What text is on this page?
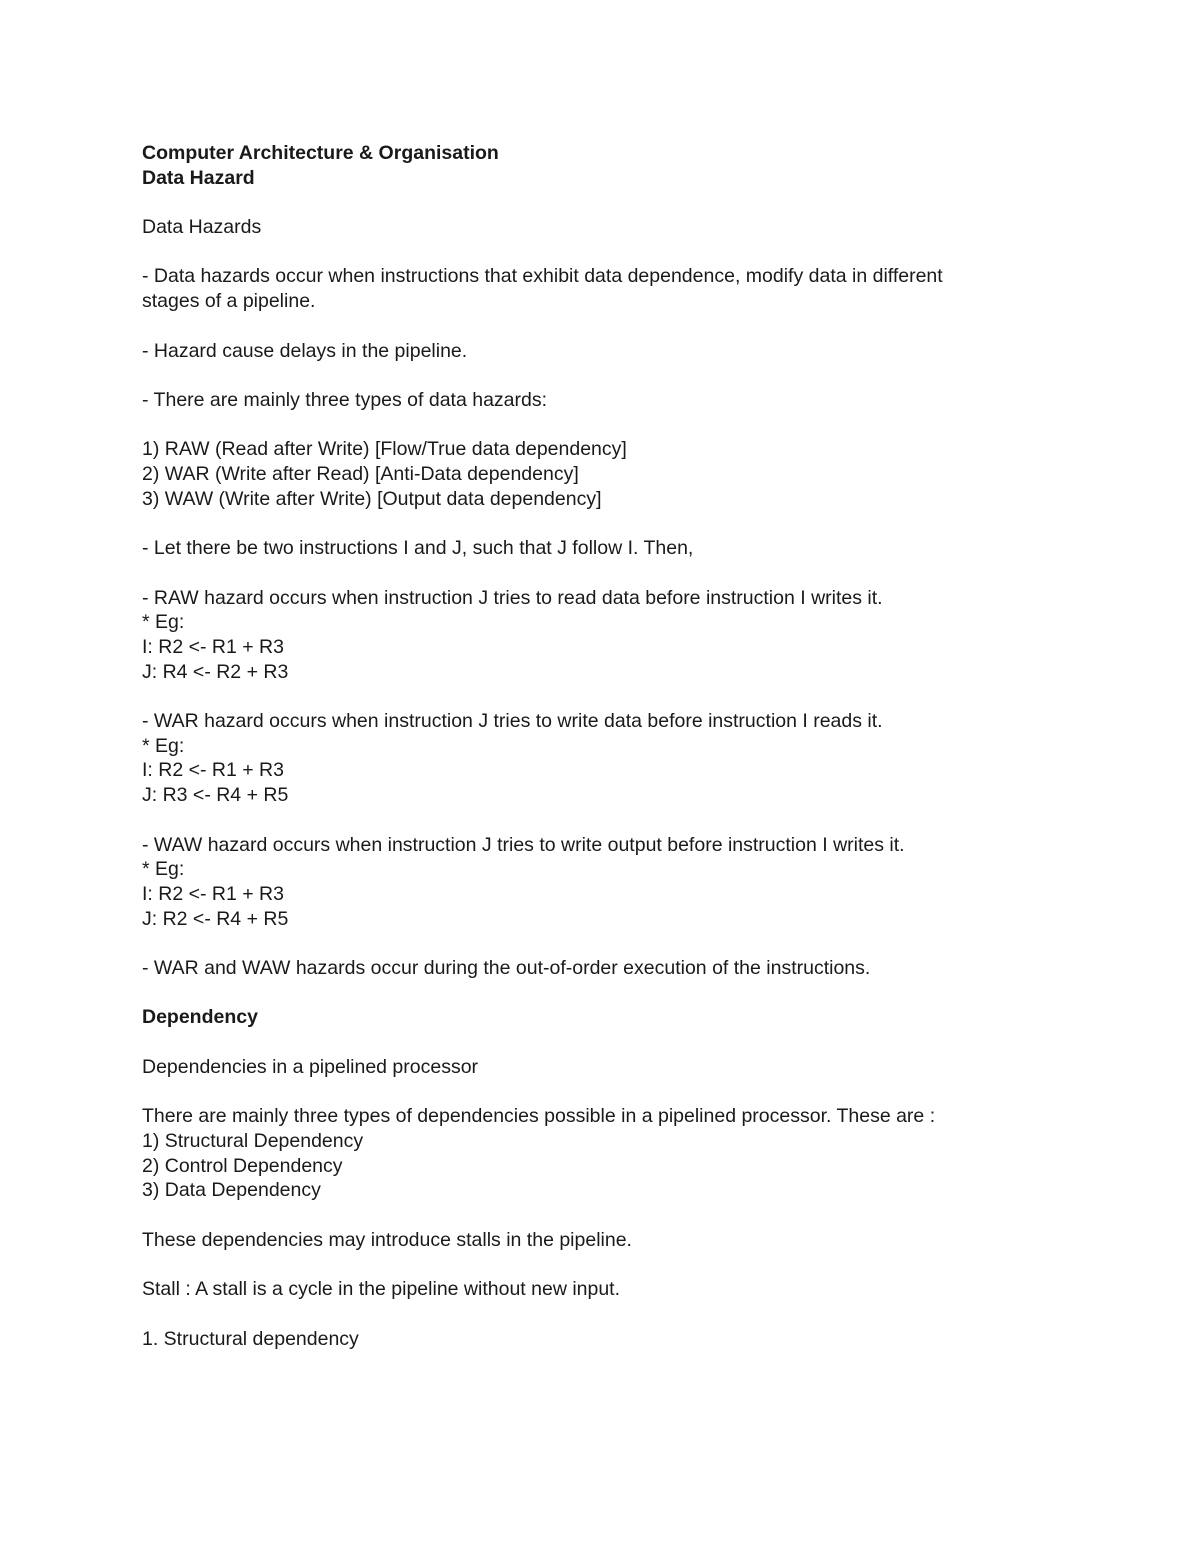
Computer Architecture & Organisation
Data Hazard
Data Hazards
- Data hazards occur when instructions that exhibit data dependence, modify data in different
stages of a pipeline.
- Hazard cause delays in the pipeline.
- There are mainly three types of data hazards:
1) RAW (Read after Write) [Flow/True data dependency]
2) WAR (Write after Read) [Anti-Data dependency]
3) WAW (Write after Write) [Output data dependency]
- Let there be two instructions I and J, such that J follow I. Then,
- RAW hazard occurs when instruction J tries to read data before instruction I writes it.
* Eg:
I: R2 <- R1 + R3
J: R4 <- R2 + R3
- WAR hazard occurs when instruction J tries to write data before instruction I reads it.
* Eg:
I: R2 <- R1 + R3
J: R3 <- R4 + R5
- WAW hazard occurs when instruction J tries to write output before instruction I writes it.
* Eg:
I: R2 <- R1 + R3
J: R2 <- R4 + R5
- WAR and WAW hazards occur during the out-of-order execution of the instructions.
Dependency
Dependencies in a pipelined processor
There are mainly three types of dependencies possible in a pipelined processor. These are :
1) Structural Dependency
2) Control Dependency
3) Data Dependency
These dependencies may introduce stalls in the pipeline.
Stall : A stall is a cycle in the pipeline without new input.
1. Structural dependency
